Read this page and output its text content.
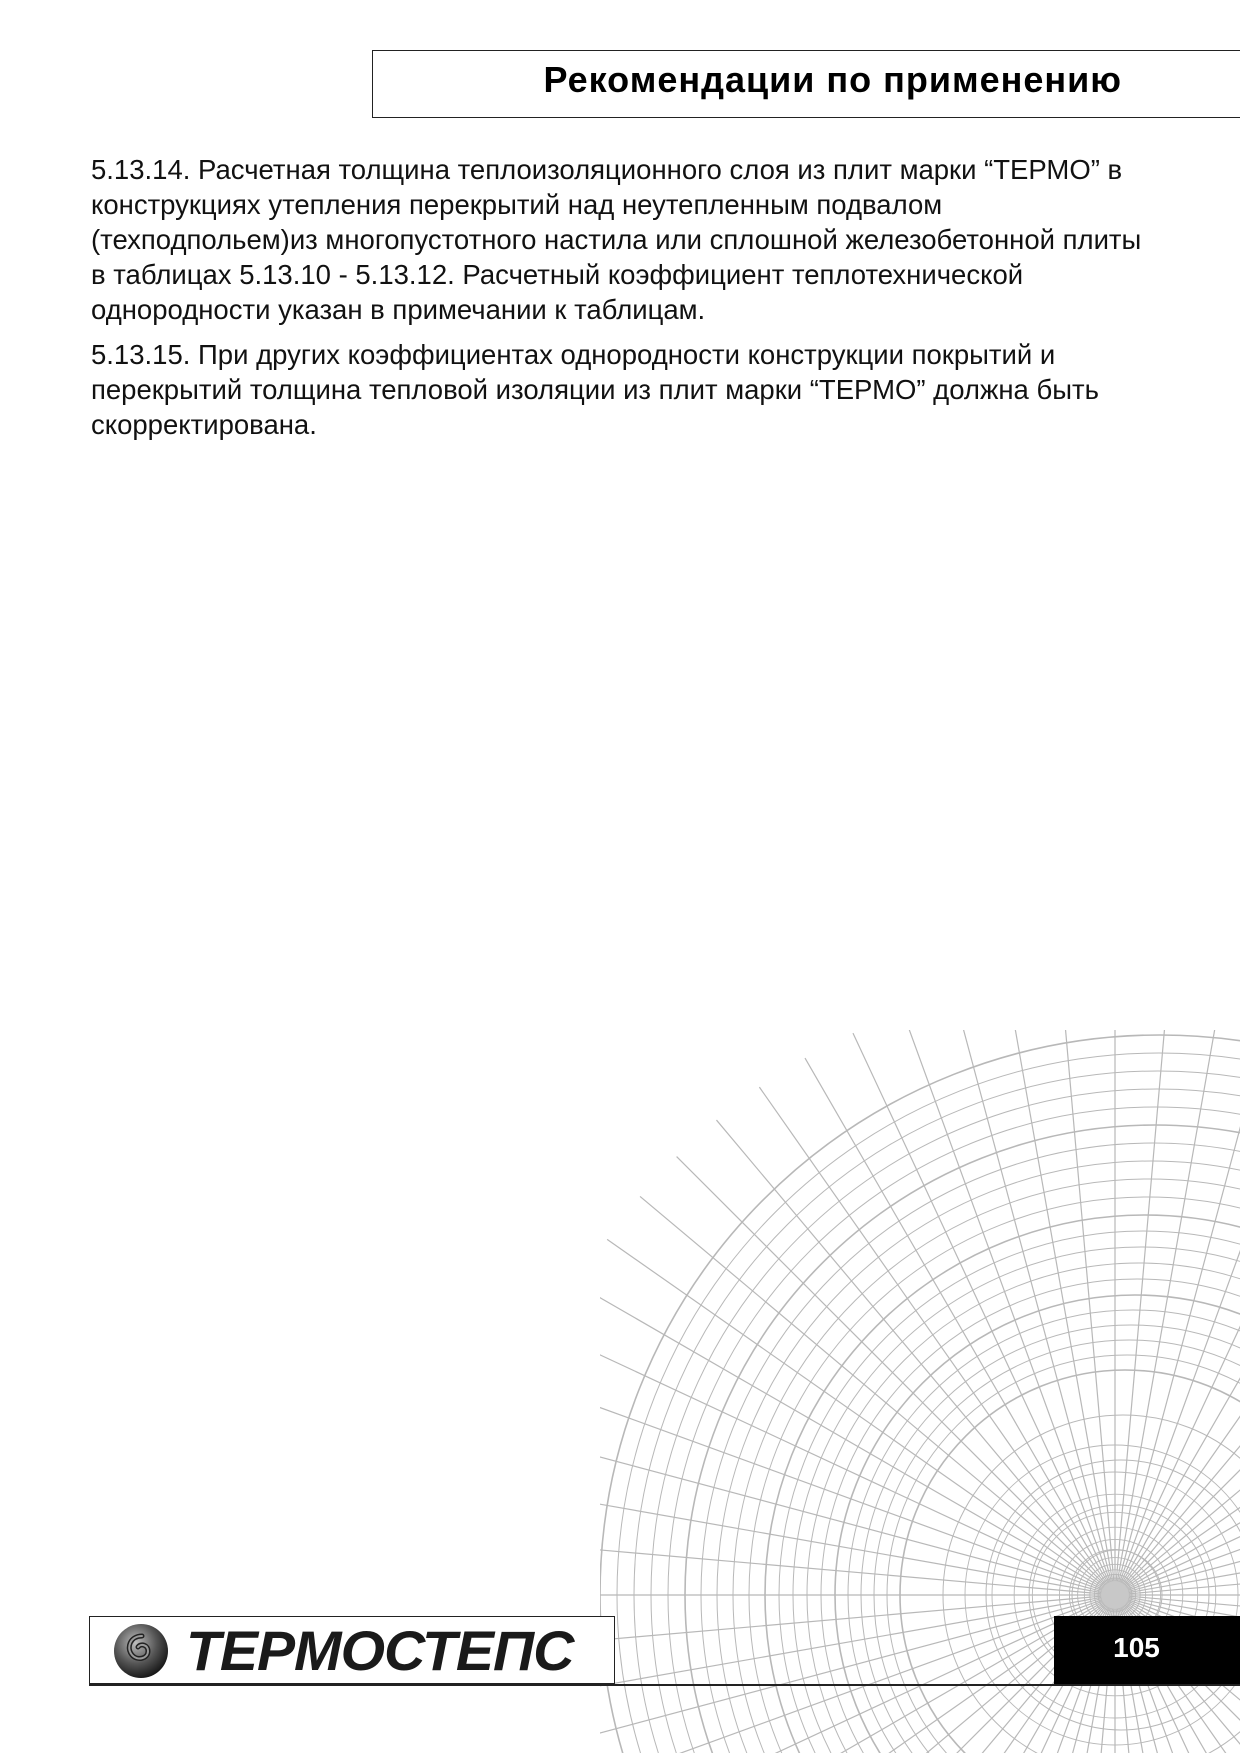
Рекомендации по применению

5.13.14. Расчетная толщина теплоизоляционного слоя из плит марки “ТЕРМО” в конструкциях утепления перекрытий над неутепленным подвалом (техподпольем)из многопустотного настила или сплошной железобетонной плиты в таблицах 5.13.10 - 5.13.12. Расчетный коэффициент теплотехнической однородности указан в примечании к таблицам.

5.13.15. При других коэффициентах однородности конструкции покрытий и перекрытий толщина тепловой изоляции из плит марки “ТЕРМО” должна быть скорректирована.

ТЕРМОСТЕПС	105
